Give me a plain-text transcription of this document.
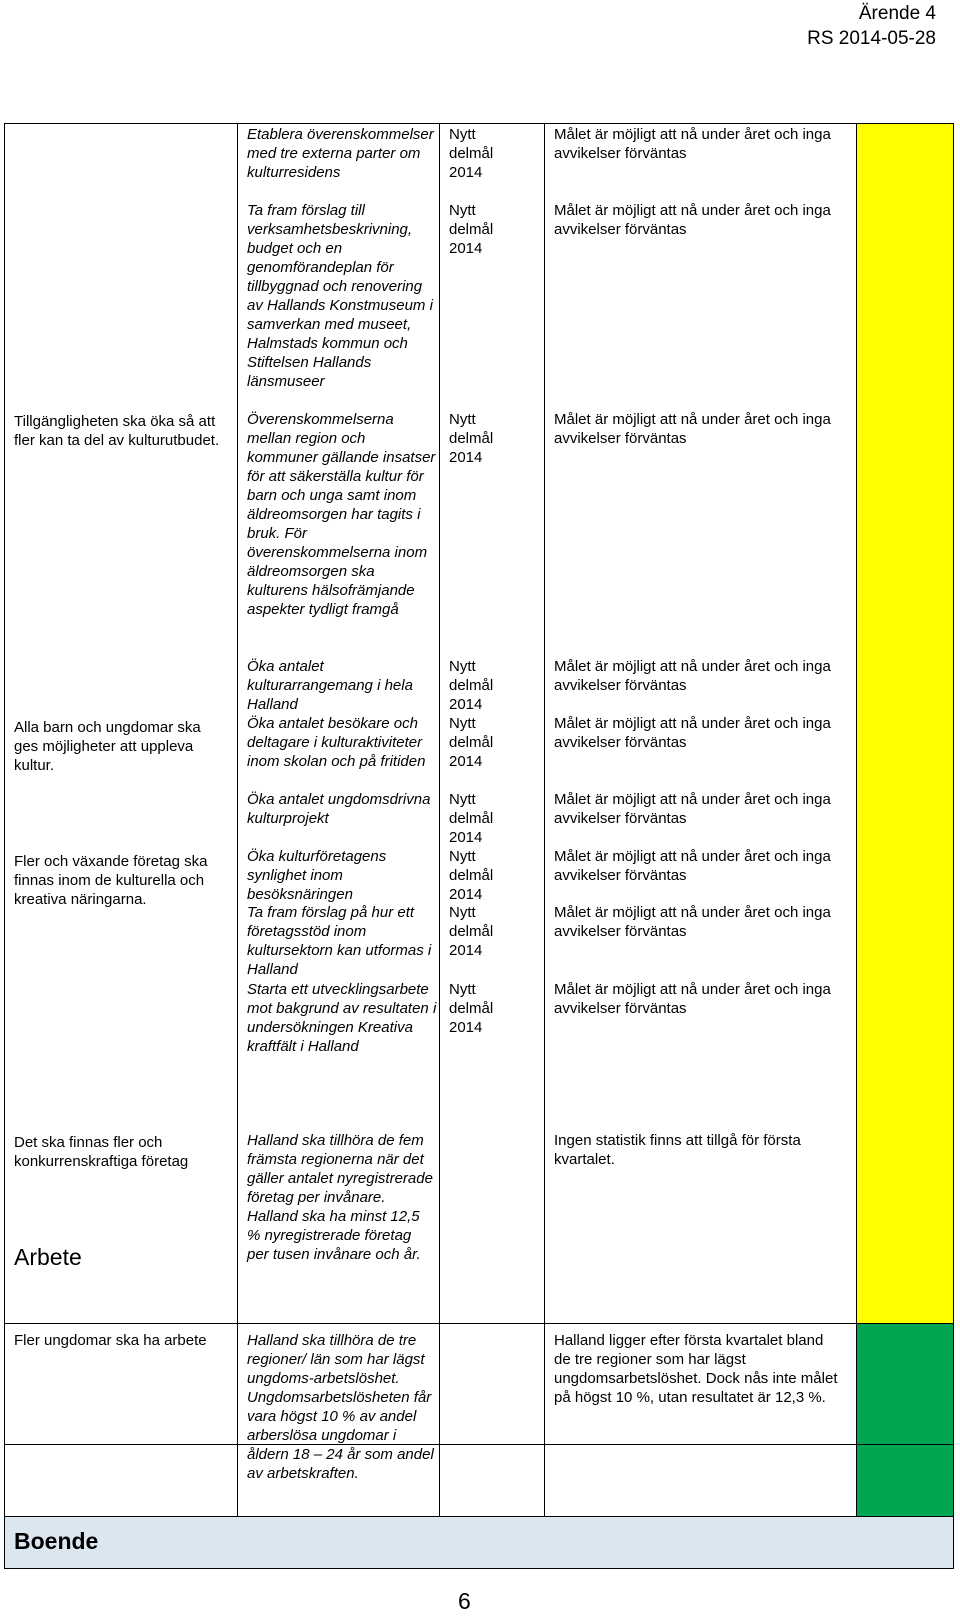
Ärende 4
RS 2014-05-28
Tillgängligheten ska öka så att fler kan ta del av kulturutbudet.
Alla barn och ungdomar ska ges möjligheter att uppleva kultur.
Fler och växande företag ska finnas inom de kulturella och kreativa näringarna.
Arbete
Det ska finnas fler och konkurrenskraftiga företag
Fler ungdomar ska ha arbete
Boende
Etablera överenskommelser med tre externa parter om kulturresidens
Ta fram förslag till verksamhetsbeskrivning, budget och en genomförandeplan för tillbyggnad och renovering av Hallands Konstmuseum i samverkan med museet, Halmstads kommun och Stiftelsen Hallands länsmuseer
Överenskommelserna mellan region och kommuner gällande insatser för att säkerställa kultur för barn och unga samt inom äldreomsorgen har tagits i bruk. För överenskommelserna inom äldreomsorgen ska kulturens hälsofrämjande aspekter tydligt framgå
Öka antalet kulturarrangemang i hela Halland
Öka antalet besökare och deltagare i kulturaktiviteter inom skolan och på fritiden
Öka antalet ungdomsdrivna kulturprojekt
Öka kulturföretagens synlighet inom besöksnäringen
Ta fram förslag på hur ett företagsstöd inom kultursektorn kan utformas i Halland
Starta ett utvecklingsarbete mot bakgrund av resultaten i undersökningen Kreativa kraftfält i Halland
Halland ska tillhöra de fem främsta regionerna när det gäller antalet nyregistrerade företag per invånare. Halland ska ha minst 12,5 % nyregistrerade företag per tusen invånare och år.
Halland ska tillhöra de tre regioner/ län som har lägst ungdoms-arbetslöshet. Ungdomsarbetslösheten får vara högst 10 % av andel arberslösa ungdomar i åldern 18 – 24 år som andel av arbetskraften.
Nytt delmål 2014
Nytt delmål 2014
Nytt delmål 2014
Nytt delmål 2014
Nytt delmål 2014
Nytt delmål 2014
Nytt delmål 2014
Nytt delmål 2014
Nytt delmål 2014
Målet är möjligt att nå under året och inga avvikelser förväntas
Målet är möjligt att nå under året och inga avvikelser förväntas
Målet är möjligt att nå under året och inga avvikelser förväntas
Målet är möjligt att nå under året och inga avvikelser förväntas
Målet är möjligt att nå under året och inga avvikelser förväntas
Målet är möjligt att nå under året och inga avvikelser förväntas
Målet är möjligt att nå under året och inga avvikelser förväntas
Målet är möjligt att nå under året och inga avvikelser förväntas
Målet är möjligt att nå under året och inga avvikelser förväntas
Ingen statistik finns att tillgå för första kvartalet.
Halland ligger efter första kvartalet bland de tre regioner som har lägst ungdomsarbetslöshet. Dock nås inte målet på högst 10 %, utan resultatet är 12,3 %.
6
